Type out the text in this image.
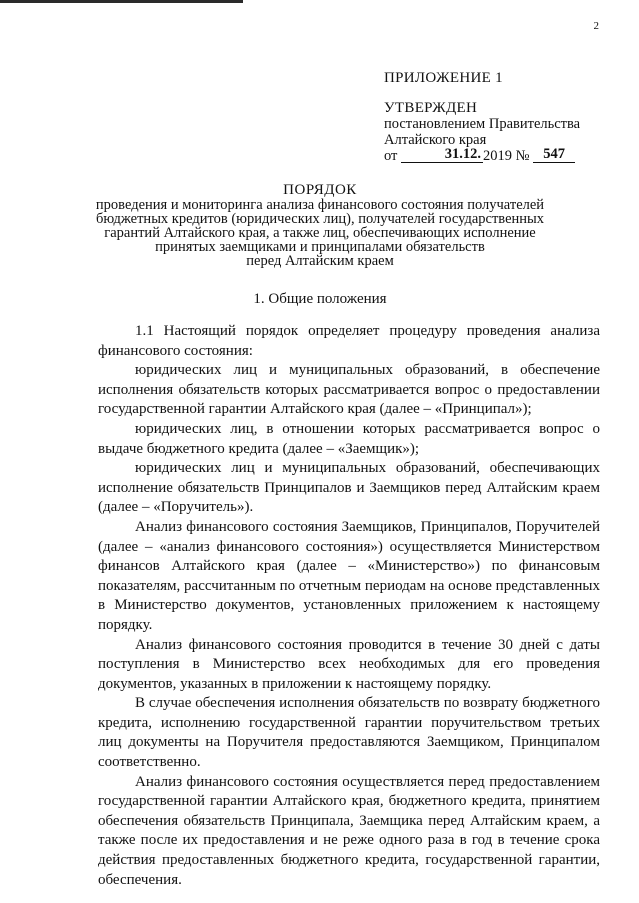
2
ПРИЛОЖЕНИЕ 1
УТВЕРЖДЕН
постановлением Правительства
Алтайского края
от	31.12. 2019 № 547
ПОРЯДОК
проведения и мониторинга анализа финансового состояния получателей
бюджетных кредитов (юридических лиц), получателей государственных
гарантий Алтайского края, а также лиц, обеспечивающих исполнение
принятых заемщиками и принципалами обязательств
перед Алтайским краем
1. Общие положения

1.1 Настоящий порядок определяет процедуру проведения анализа финансового состояния:

юридических лиц и муниципальных образований, в обеспечение исполнения обязательств которых рассматривается вопрос о предоставлении государственной гарантии Алтайского края (далее – «Принципал»);

юридических лиц, в отношении которых рассматривается вопрос о выдаче бюджетного кредита (далее – «Заемщик»);

юридических лиц и муниципальных образований, обеспечивающих исполнение обязательств Принципалов и Заемщиков перед Алтайским краем (далее – «Поручитель»).

Анализ финансового состояния Заемщиков, Принципалов, Поручителей (далее – «анализ финансового состояния») осуществляется Министерством финансов Алтайского края (далее – «Министерство») по финансовым показателям, рассчитанным по отчетным периодам на основе представленных в Министерство документов, установленных приложением к настоящему порядку.

Анализ финансового состояния проводится в течение 30 дней с даты поступления в Министерство всех необходимых для его проведения документов, указанных в приложении к настоящему порядку.

В случае обеспечения исполнения обязательств по возврату бюджетного кредита, исполнению государственной гарантии поручительством третьих лиц документы на Поручителя предоставляются Заемщиком, Принципалом соответственно.

Анализ финансового состояния осуществляется перед предоставлением государственной гарантии Алтайского края, бюджетного кредита, принятием обеспечения обязательств Принципала, Заемщика перед Алтайским краем, а также после их предоставления и не реже одного раза в год в течение срока действия предоставленных бюджетного кредита, государственной гарантии, обеспечения.
